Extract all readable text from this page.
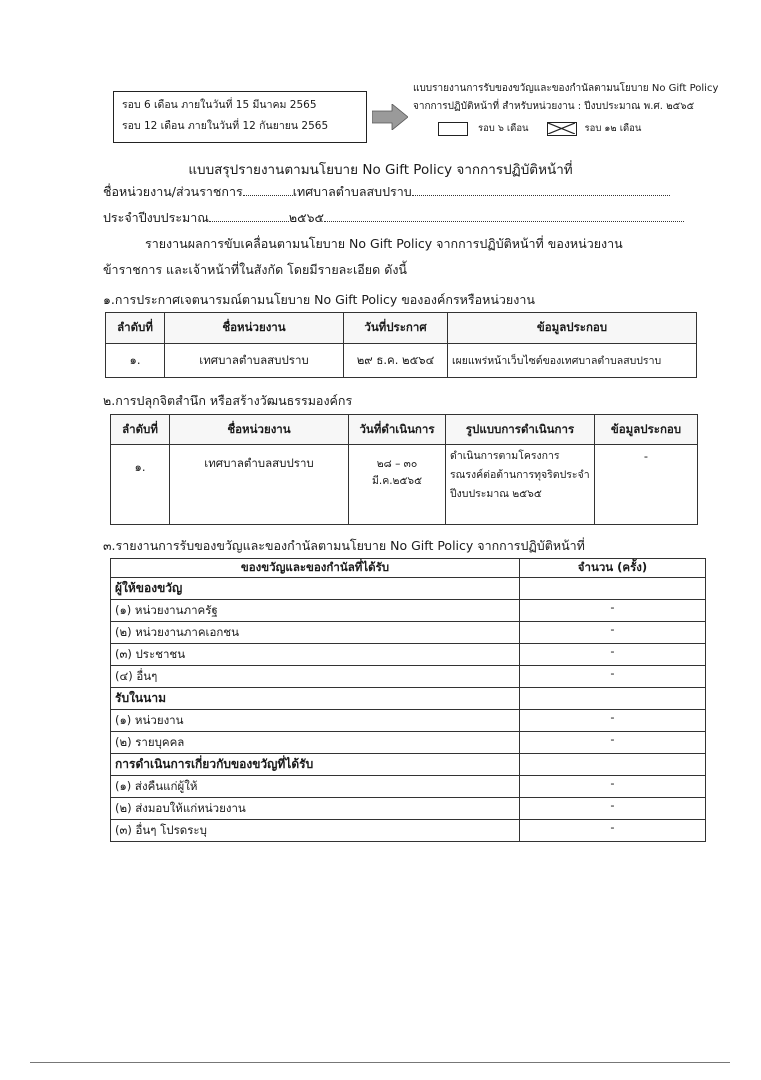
รอบ 6 เดือน ภายในวันที่ 15 มีนาคม 2565
รอบ 12 เดือน ภายในวันที่ 12 กันยายน 2565
แบบรายงานการรับของขวัญและของกำนัลตามนโยบาย No Gift Policy
จากการปฏิบัติหน้าที่ สำหรับหน่วยงาน : ปีงบประมาณ พ.ศ. ๒๕๖๕
รอบ ๖ เดือน	รอบ ๑๒ เดือน
แบบสรุปรายงานตามนโยบาย No Gift Policy จากการปฏิบัติหน้าที่
ชื่อหน่วยงาน/ส่วนราชการ	เทศบาลตำบลสบปราบ
ประจำปีงบประมาณ	๒๕๖๕
รายงานผลการขับเคลื่อนตามนโยบาย No Gift Policy จากการปฏิบัติหน้าที่ ของหน่วยงาน
ข้าราชการ และเจ้าหน้าที่ในสังกัด โดยมีรายละเอียด ดังนี้
๑.การประกาศเจตนารมณ์ตามนโยบาย No Gift Policy ขององค์กรหรือหน่วยงาน
ลำดับที่	ชื่อหน่วยงาน	วันที่ประกาศ	ข้อมูลประกอบ
๑.	เทศบาลตำบลสบปราบ	๒๙ ธ.ค. ๒๕๖๔	เผยแพร่หน้าเว็บไซต์ของเทศบาลตำบลสบปราบ
๒.การปลุกจิตสำนึก หรือสร้างวัฒนธรรมองค์กร
ลำดับที่	ชื่อหน่วยงาน	วันที่ดำเนินการ	รูปแบบการดำเนินการ	ข้อมูลประกอบ
๑.	เทศบาลตำบลสบปราบ	๒๘ – ๓๐ มี.ค.๒๕๖๕	ดำเนินการตามโครงการรณรงค์ต่อต้านการทุจริตประจำปีงบประมาณ ๒๕๖๕	-
๓.รายงานการรับของขวัญและของกำนัลตามนโยบาย No Gift Policy จากการปฏิบัติหน้าที่
ของขวัญและของกำนัลที่ได้รับ	จำนวน (ครั้ง)
ผู้ให้ของขวัญ	
(๑) หน่วยงานภาครัฐ	-
(๒) หน่วยงานภาคเอกชน	-
(๓) ประชาชน	-
(๔) อื่นๆ	-
รับในนาม	
(๑) หน่วยงาน	-
(๒) รายบุคคล	-
การดำเนินการเกี่ยวกับของขวัญที่ได้รับ	
(๑) ส่งคืนแก่ผู้ให้	-
(๒) ส่งมอบให้แก่หน่วยงาน	-
(๓) อื่นๆ โปรดระบุ	-
